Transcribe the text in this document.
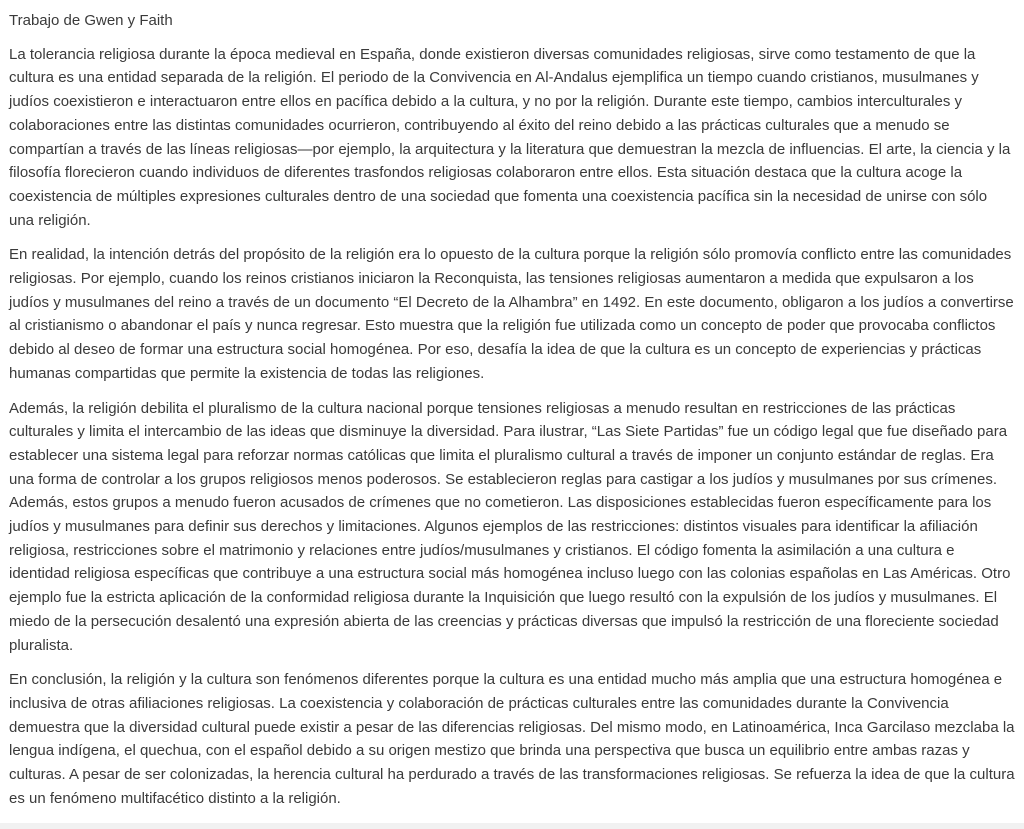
Trabajo de Gwen y Faith

La tolerancia religiosa durante la época medieval en España, donde existieron diversas comunidades religiosas, sirve como testamento de que la cultura es una entidad separada de la religión. El periodo de la Convivencia en Al-Andalus ejemplifica un tiempo cuando cristianos, musulmanes y judíos coexistieron e interactuaron entre ellos en pacífica debido a la cultura, y no por la religión. Durante este tiempo, cambios interculturales y colaboraciones entre las distintas comunidades ocurrieron, contribuyendo al éxito del reino debido a las prácticas culturales que a menudo se compartían a través de las líneas religiosas—por ejemplo, la arquitectura y la literatura que demuestran la mezcla de influencias. El arte, la ciencia y la filosofía florecieron cuando individuos de diferentes trasfondos religiosas colaboraron entre ellos. Esta situación destaca que la cultura acoge la coexistencia de múltiples expresiones culturales dentro de una sociedad que fomenta una coexistencia pacífica sin la necesidad de unirse con sólo una religión.

En realidad, la intención detrás del propósito de la religión era lo opuesto de la cultura porque la religión sólo promovía conflicto entre las comunidades religiosas. Por ejemplo, cuando los reinos cristianos iniciaron la Reconquista, las tensiones religiosas aumentaron a medida que expulsaron a los judíos y musulmanes del reino a través de un documento “El Decreto de la Alhambra” en 1492. En este documento, obligaron a los judíos a convertirse al cristianismo o abandonar el país y nunca regresar. Esto muestra que la religión fue utilizada como un concepto de poder que provocaba conflictos debido al deseo de formar una estructura social homogénea. Por eso, desafía la idea de que la cultura es un concepto de experiencias y prácticas humanas compartidas que permite la existencia de todas las religiones.

Además, la religión debilita el pluralismo de la cultura nacional porque tensiones religiosas a menudo resultan en restricciones de las prácticas culturales y limita el intercambio de las ideas que disminuye la diversidad. Para ilustrar, “Las Siete Partidas” fue un código legal que fue diseñado para establecer una sistema legal para reforzar normas católicas que limita el pluralismo cultural a través de imponer un conjunto estándar de reglas. Era una forma de controlar a los grupos religiosos menos poderosos. Se establecieron reglas para castigar a los judíos y musulmanes por sus crímenes. Además, estos grupos a menudo fueron acusados de crímenes que no cometieron. Las disposiciones establecidas fueron específicamente para los judíos y musulmanes para definir sus derechos y limitaciones. Algunos ejemplos de las restricciones: distintos visuales para identificar la afiliación religiosa, restricciones sobre el matrimonio y relaciones entre judíos/musulmanes y cristianos. El código fomenta la asimilación a una cultura e identidad religiosa específicas que contribuye a una estructura social más homogénea incluso luego con las colonias españolas en Las Américas. Otro ejemplo fue la estricta aplicación de la conformidad religiosa durante la Inquisición que luego resultó con la expulsión de los judíos y musulmanes. El miedo de la persecución desalentó una expresión abierta de las creencias y prácticas diversas que impulsó la restricción de una floreciente sociedad pluralista.

En conclusión, la religión y la cultura son fenómenos diferentes porque la cultura es una entidad mucho más amplia que una estructura homogénea e inclusiva de otras afiliaciones religiosas. La coexistencia y colaboración de prácticas culturales entre las comunidades durante la Convivencia demuestra que la diversidad cultural puede existir a pesar de las diferencias religiosas. Del mismo modo, en Latinoamérica, Inca Garcilaso mezclaba la lengua indígena, el quechua, con el español debido a su origen mestizo que brinda una perspectiva que busca un equilibrio entre ambas razas y culturas. A pesar de ser colonizadas, la herencia cultural ha perdurado a través de las transformaciones religiosas. Se refuerza la idea de que la cultura es un fenómeno multifacético distinto a la religión.
